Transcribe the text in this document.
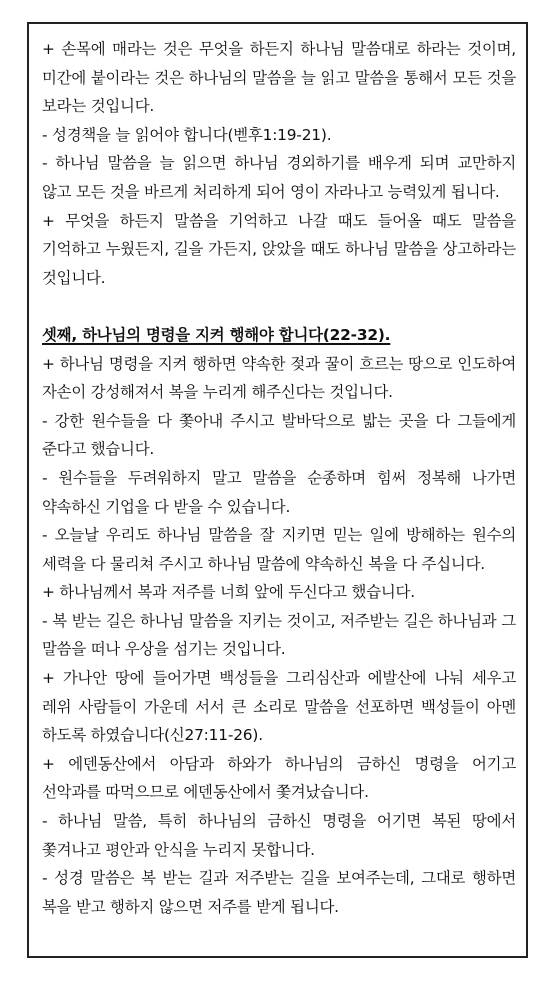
+ 손목에 매라는 것은 무엇을 하든지 하나님 말씀대로 하라는 것이며, 미간에 붙이라는 것은 하나님의 말씀을 늘 읽고 말씀을 통해서 모든 것을 보라는 것입니다.

- 성경책을 늘 읽어야 합니다(벧후1:19-21).

- 하나님 말씀을 늘 읽으면 하나님 경외하기를 배우게 되며 교만하지 않고 모든 것을 바르게 처리하게 되어 영이 자라나고 능력있게 됩니다.

+ 무엇을 하든지 말씀을 기억하고 나갈 때도 들어올 때도 말씀을 기억하고 누웠든지, 길을 가든지, 앉았을 때도 하나님 말씀을 상고하라는 것입니다.

셋째, 하나님의 명령을 지켜 행해야 합니다(22-32).

+ 하나님 명령을 지켜 행하면 약속한 젖과 꿀이 흐르는 땅으로 인도하여 자손이 강성해져서 복을 누리게 해주신다는 것입니다.

- 강한 원수들을 다 쫓아내 주시고 발바닥으로 밟는 곳을 다 그들에게 준다고 했습니다.

- 원수들을 두려워하지 말고 말씀을 순종하며 힘써 정복해 나가면 약속하신 기업을 다 받을 수 있습니다.

- 오늘날 우리도 하나님 말씀을 잘 지키면 믿는 일에 방해하는 원수의 세력을 다 물리쳐 주시고 하나님 말씀에 약속하신 복을 다 주십니다.

+ 하나님께서 복과 저주를 너희 앞에 두신다고 했습니다.

- 복 받는 길은 하나님 말씀을 지키는 것이고, 저주받는 길은 하나님과 그 말씀을 떠나 우상을 섬기는 것입니다.

+ 가나안 땅에 들어가면 백성들을 그리심산과 에발산에 나눠 세우고 레위 사람들이 가운데 서서 큰 소리로 말씀을 선포하면 백성들이 아멘 하도록 하였습니다(신27:11-26).

+ 에덴동산에서 아담과 하와가 하나님의 금하신 명령을 어기고 선악과를 따먹으므로 에덴동산에서 쫓겨났습니다.

- 하나님 말씀, 특히 하나님의 금하신 명령을 어기면 복된 땅에서 쫓겨나고 평안과 안식을 누리지 못합니다.

- 성경 말씀은 복 받는 길과 저주받는 길을 보여주는데, 그대로 행하면 복을 받고 행하지 않으면 저주를 받게 됩니다.
